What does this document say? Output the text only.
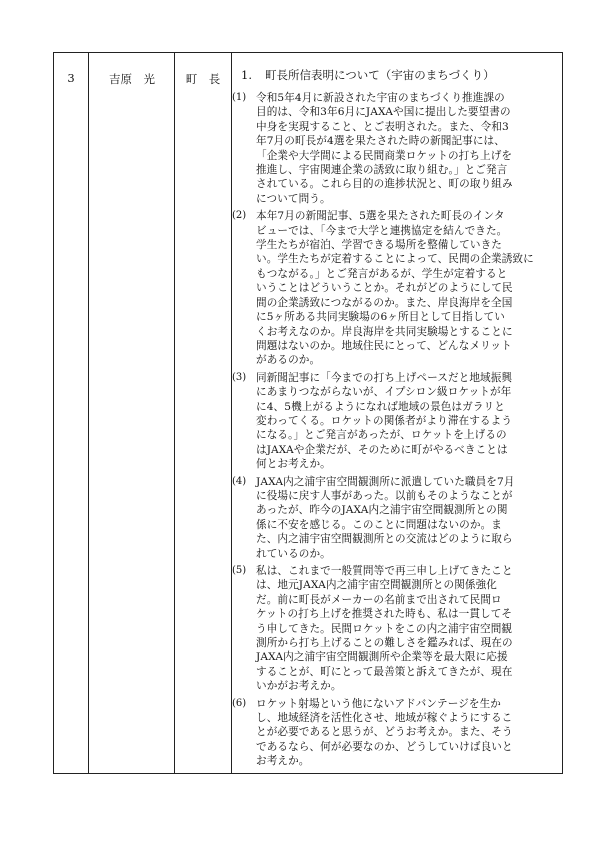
3	吉原　光	町　長	1. 町長所信表明について（宇宙のまちづくり）
(1) 令和5年4月に新設された宇宙のまちづくり推進課の
目的は、令和3年6月にJAXAや国に提出した要望書の
中身を実現すること、とご表明された。また、令和3
年7月の町長が4選を果たされた時の新聞記事には、
「企業や大学間による民間商業ロケットの打ち上げを
推進し、宇宙関連企業の誘致に取り組む。」とご発言
されている。これら目的の進捗状況と、町の取り組み
について問う。
(2) 本年7月の新聞記事、5選を果たされた町長のインタ
ビューでは、「今まで大学と連携協定を結んできた。
学生たちが宿泊、学習できる場所を整備していきた
い。学生たちが定着することによって、民間の企業誘致に
もつながる。」とご発言があるが、学生が定着すると
いうことはどういうことか。それがどのようにして民
間の企業誘致につながるのか。また、岸良海岸を全国
に5ヶ所ある共同実験場の6ヶ所目として目指してい
くお考えなのか。岸良海岸を共同実験場とすることに
問題はないのか。地域住民にとって、どんなメリット
があるのか。
(3) 同新聞記事に「今までの打ち上げペースだと地域振興
にあまりつながらないが、イプシロン級ロケットが年
に4、5機上がるようになれば地域の景色はガラリと
変わってくる。ロケットの関係者がより滞在するよう
になる。」とご発言があったが、ロケットを上げるの
はJAXAや企業だが、そのために町がやるべきことは
何とお考えか。
(4) JAXA内之浦宇宙空間観測所に派遣していた職員を7月
に役場に戻す人事があった。以前もそのようなことが
あったが、昨今のJAXA内之浦宇宙空間観測所との関
係に不安を感じる。このことに問題はないのか。ま
た、内之浦宇宙空間観測所との交流はどのように取ら
れているのか。
(5) 私は、これまで一般質問等で再三申し上げてきたこと
は、地元JAXA内之浦宇宙空間観測所との関係強化
だ。前に町長がメーカーの名前まで出されて民間ロ
ケットの打ち上げを推奨された時も、私は一貫してそ
う申してきた。民間ロケットをこの内之浦宇宙空間観
測所から打ち上げることの難しさを鑑みれば、現在の
JAXA内之浦宇宙空間観測所や企業等を最大限に応援
することが、町にとって最善策と訴えてきたが、現在
いかがお考えか。
(6) ロケット射場という他にないアドバンテージを生か
し、地域経済を活性化させ、地域が稼ぐようにするこ
とが必要であると思うが、どうお考えか。また、そう
であるなら、何が必要なのか、どうしていけば良いと
お考えか。
